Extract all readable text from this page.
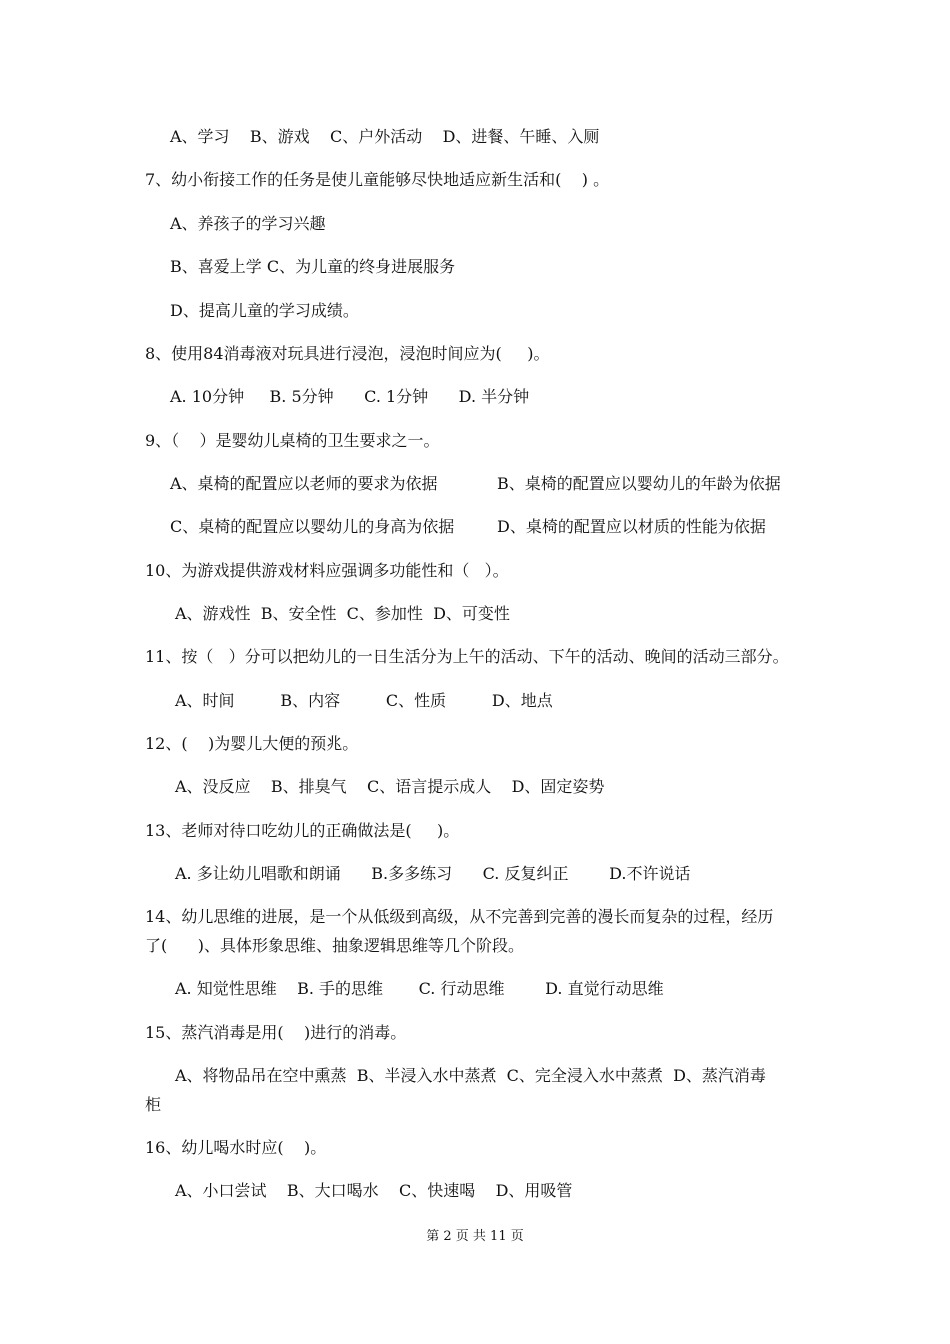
A、学习    B、游戏    C、户外活动    D、进餐、午睡、入厕
7、幼小衔接工作的任务是使儿童能够尽快地适应新生活和(    ) 。
A、养孩子的学习兴趣
B、喜爱上学 C、为儿童的终身进展服务
D、提高儿童的学习成绩。
8、使用84消毒液对玩具进行浸泡，浸泡时间应为(     )。
A. 10分钟     B. 5分钟      C. 1分钟      D. 半分钟
9、（    ）是婴幼儿桌椅的卫生要求之一。
A、桌椅的配置应以老师的要求为依据	B、桌椅的配置应以婴幼儿的年龄为依据
C、桌椅的配置应以婴幼儿的身高为依据	D、桌椅的配置应以材质的性能为依据
10、为游戏提供游戏材料应强调多功能性和（   ）。
A、游戏性  B、安全性  C、参加性  D、可变性
11、按（   ）分可以把幼儿的一日生活分为上午的活动、下午的活动、晚间的活动三部分。
A、时间         B、内容         C、性质         D、地点
12、(    )为婴儿大便的预兆。
A、没反应    B、排臭气    C、语言提示成人    D、固定姿势
13、老师对待口吃幼儿的正确做法是(     )。
A. 多让幼儿唱歌和朗诵      B.多多练习      C. 反复纠正        D.不许说话
14、幼儿思维的进展，是一个从低级到高级，从不完善到完善的漫长而复杂的过程，经历
了(      )、具体形象思维、抽象逻辑思维等几个阶段。
A. 知觉性思维    B. 手的思维       C. 行动思维        D. 直觉行动思维
15、蒸汽消毒是用(    )进行的消毒。
A、将物品吊在空中熏蒸  B、半浸入水中蒸煮  C、完全浸入水中蒸煮  D、蒸汽消毒
柜
16、幼儿喝水时应(    )。
A、小口尝试    B、大口喝水    C、快速喝    D、用吸管
第 2 页 共 11 页
